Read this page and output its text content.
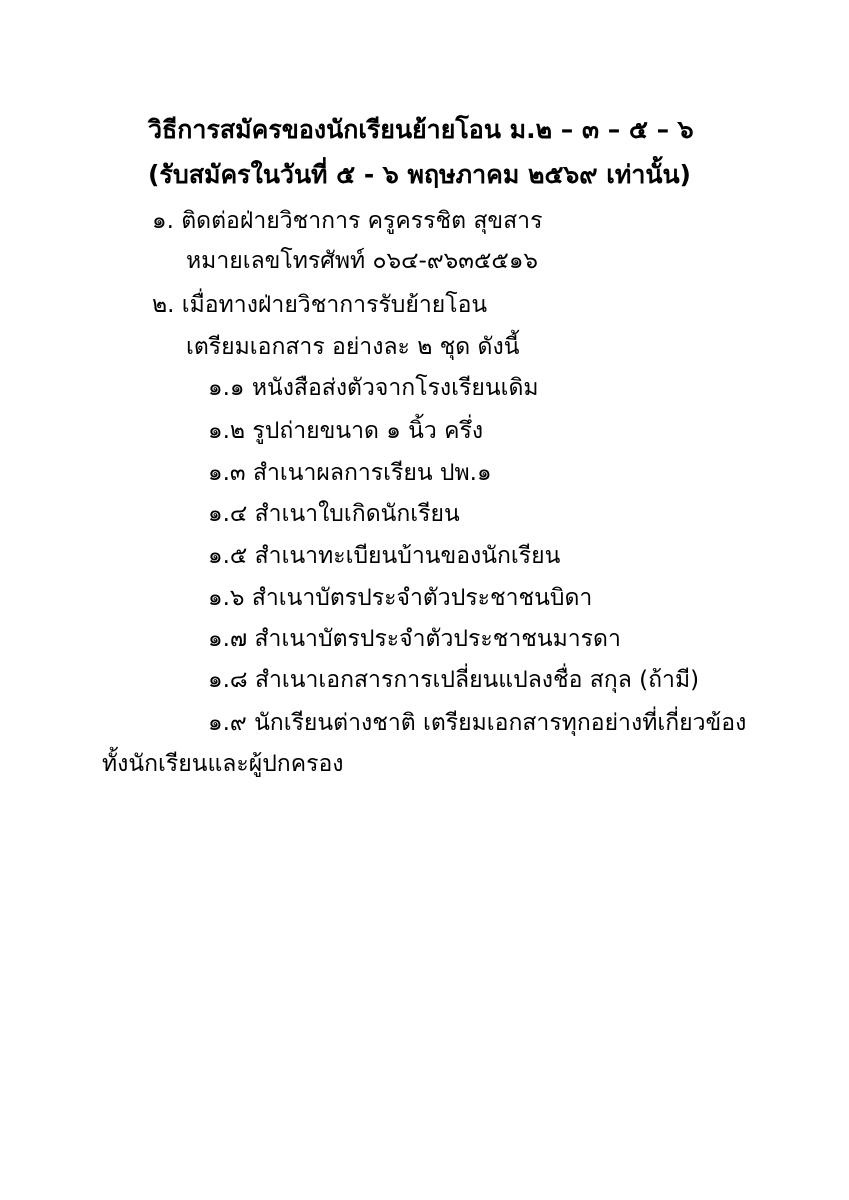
วิธีการสมัครของนักเรียนย้ายโอน ม.๒ – ๓ – ๕ – ๖
(รับสมัครในวันที่ ๕ - ๖ พฤษภาคม ๒๕๖๙ เท่านั้น)
๑. ติดต่อฝ่ายวิชาการ ครูครรชิต สุขสาร
หมายเลขโทรศัพท์ ๐๖๔-๙๖๓๕๕๑๖
๒. เมื่อทางฝ่ายวิชาการรับย้ายโอน
เตรียมเอกสาร อย่างละ ๒ ชุด ดังนี้
๑.๑ หนังสือส่งตัวจากโรงเรียนเดิม
๑.๒ รูปถ่ายขนาด ๑ นิ้ว ครึ่ง
๑.๓ สำเนาผลการเรียน ปพ.๑
๑.๔ สำเนาใบเกิดนักเรียน
๑.๕ สำเนาทะเบียนบ้านของนักเรียน
๑.๖ สำเนาบัตรประจำตัวประชาชนบิดา
๑.๗ สำเนาบัตรประจำตัวประชาชนมารดา
๑.๘ สำเนาเอกสารการเปลี่ยนแปลงชื่อ สกุล (ถ้ามี)
๑.๙ นักเรียนต่างชาติ เตรียมเอกสารทุกอย่างที่เกี่ยวข้อง
ทั้งนักเรียนและผู้ปกครอง
